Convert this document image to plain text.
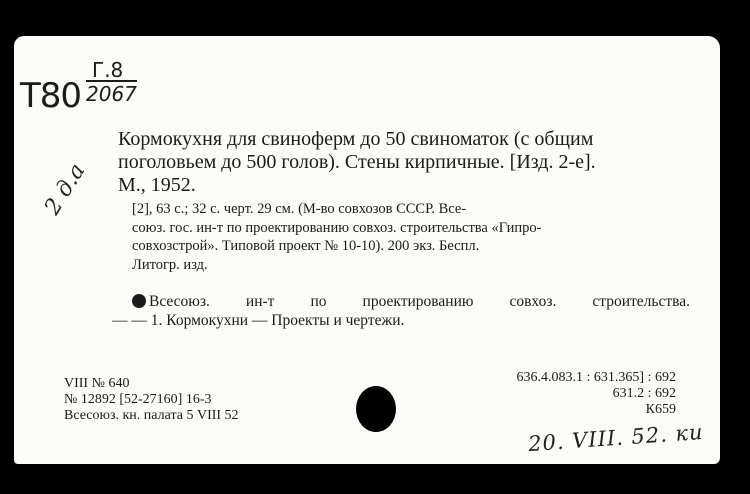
Т80
Г.8
2067
2 д.а

Кормокухня для свиноферм до 50 свиноматок (с общим

поголовьем до 500 голов). Стены кирпичные. [Изд. 2-е].

М., 1952.

[2], 63 с.; 32 с. черт. 29 см. (М-во совхозов СССР. Все-

союз. гос. ин-т по проектированию совхоз. строительства «Гипро-

совхозстрой». Типовой проект № 10-10). 200 экз. Беспл.

Литогр. изд.

Всесоюз. ин-т по проектированию совхоз. строительства.

— — 1. Кормокухни — Проекты и чертежи.

VIII № 640

№ 12892 [52-27160] 16-3

Всесоюз. кн. палата 5 VIII 52

636.4.083.1 : 631.365] : 692

631.2 : 692

К659

20. VIII. 52. ки
